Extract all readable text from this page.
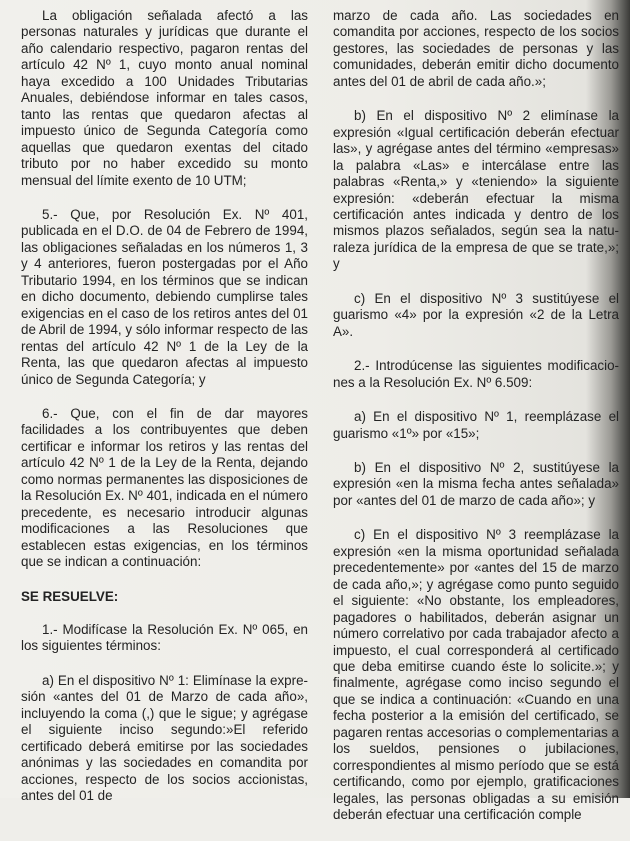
La obligación señalada afectó a las personas naturales y jurídicas que durante el año calendario respectivo, pagaron rentas del artículo 42 Nº 1, cuyo monto anual nominal haya excedido a 100 Unidades Tributarias Anuales, debiéndose informar en tales casos, tanto las rentas que quedaron afectas al impuesto único de Segunda Categoría como aquellas que quedaron exentas del citado tributo por no haber excedido su monto mensual del límite exento de 10 UTM;

5.- Que, por Resolución Ex. Nº 401, publicada en el D.O. de 04 de Febrero de 1994, las obligaciones señaladas en los números 1, 3 y 4 anteriores, fueron postergadas por el Año Tributario 1994, en los términos que se indican en dicho documento, debiendo cumplirse tales exigencias en el caso de los retiros antes del 01 de Abril de 1994, y sólo informar respecto de las rentas del artículo 42 Nº 1 de la Ley de la Renta, las que quedaron afectas al impuesto único de Segunda Categoría; y

6.- Que, con el fin de dar mayores facilidades a los contribuyentes que deben certificar e informar los retiros y las rentas del artículo 42 Nº 1 de la Ley de la Renta, dejando como normas permanentes las disposiciones de la Resolución Ex. Nº 401, indicada en el número precedente, es necesario introducir algunas modificaciones a las Resoluciones que establecen estas exigencias, en los términos que se indican a continuación:

SE RESUELVE:

1.- Modifícase la Resolución Ex. Nº 065, en los siguientes términos:

a) En el dispositivo Nº 1: Elimínase la expresión «antes del 01 de Marzo de cada año», incluyendo la coma (,) que le sigue; y agrégase el siguiente inciso segundo:»El referido certificado deberá emitirse por las sociedades anónimas y las sociedades en comandita por acciones, respecto de los socios accionistas, antes del 01 de

marzo de cada año. Las sociedades en comandita por acciones, respecto de los socios gestores, las sociedades de personas y las comunidades, deberán emitir dicho documento antes del 01 de abril de cada año.»;

b) En el dispositivo Nº 2 elimínase la expresión «Igual certificación deberán efectuar las», y agrégase antes del término «empresas» la palabra «Las» e intercálase entre las palabras «Renta,» y «teniendo» la siguiente expresión: «deberán efectuar la misma certificación antes indicada y dentro de los mismos plazos señalados, según sea la naturaleza jurídica de la empresa de que se trate,»; y

c) En el dispositivo Nº 3 sustitúyese el guarismo «4» por la expresión «2 de la Letra A».

2.- Introdúcense las siguientes modificaciones a la Resolución Ex. Nº 6.509:

a) En el dispositivo Nº 1, reemplázase el guarismo «1º» por «15»;

b) En el dispositivo Nº 2, sustitúyese la expresión «en la misma fecha antes señalada» por «antes del 01 de marzo de cada año»; y

c) En el dispositivo Nº 3 reemplázase la expresión «en la misma oportunidad señalada precedentemente» por «antes del 15 de marzo de cada año,»; y agrégase como punto seguido el siguiente: «No obstante, los empleadores, pagadores o habilitados, deberán asignar un número correlativo por cada trabajador afecto a impuesto, el cual corresponderá al certificado que deba emitirse cuando éste lo solicite.»; y finalmente, agrégase como inciso segundo el que se indica a continuación: «Cuando en una fecha posterior a la emisión del certificado, se pagaren rentas accesorias o complementarias a los sueldos, pensiones o jubilaciones, correspondientes al mismo período que se está certificando, como por ejemplo, gratificaciones legales, las personas obligadas a su emisión deberán efectuar una certificación comple
